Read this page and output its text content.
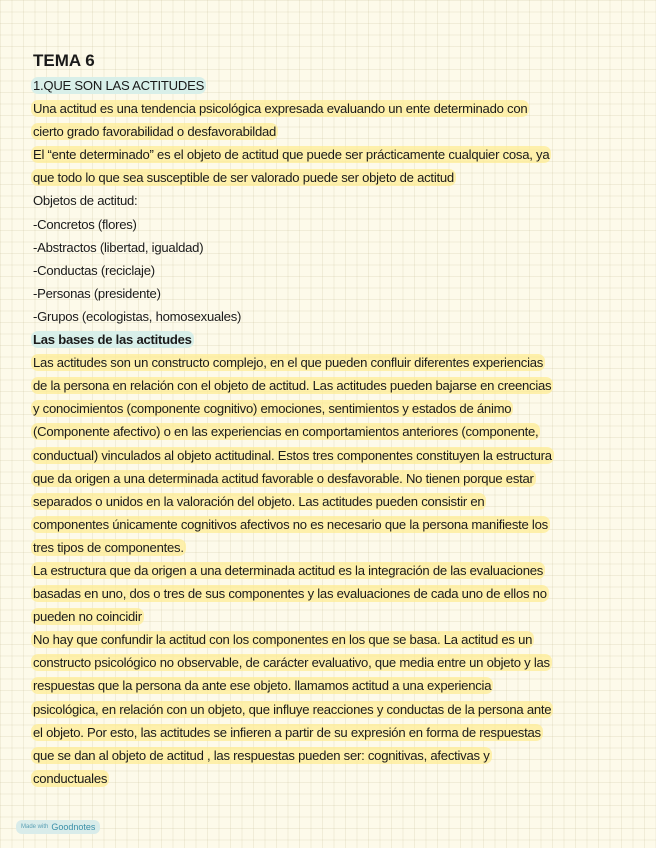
TEMA 6
1.QUE SON LAS ACTITUDES
Una actitud es una tendencia psicológica expresada evaluando un ente determinado con
cierto grado favorabilidad o desfavorabildad
El “ente determinado” es el objeto de actitud que puede ser prácticamente cualquier cosa, ya
que todo lo que sea susceptible de ser valorado puede ser objeto de actitud
Objetos de actitud:
-Concretos (flores)
-Abstractos (libertad, igualdad)
-Conductas (reciclaje)
-Personas (presidente)
-Grupos (ecologistas, homosexuales)
Las bases de las actitudes
Las actitudes son un constructo complejo, en el que pueden confluir diferentes experiencias
de la persona en relación con el objeto de actitud. Las actitudes pueden bajarse en creencias
y conocimientos (componente cognitivo) emociones, sentimientos y estados de ánimo
(Componente afectivo) o en las experiencias en comportamientos anteriores (componente,
conductual) vinculados al objeto actitudinal. Estos tres componentes constituyen la estructura
que da origen a una determinada actitud favorable o desfavorable. No tienen porque estar
separados o unidos en la valoración del objeto. Las actitudes pueden consistir en
componentes únicamente cognitivos afectivos no es necesario que la persona manifieste los
tres tipos de componentes.
La estructura que da origen a una determinada actitud es la integración de las evaluaciones
basadas en uno, dos o tres de sus componentes y las evaluaciones de cada uno de ellos no
pueden no coincidir
No hay que confundir la actitud con los componentes en los que se basa. La actitud es un
constructo psicológico no observable, de carácter evaluativo, que media entre un objeto y las
respuestas que la persona da ante ese objeto. llamamos actitud a una experiencia
psicológica, en relación con un objeto, que influye reacciones y conductas de la persona ante
el objeto. Por esto, las actitudes se infieren a partir de su expresión en forma de respuestas
que se dan al objeto de actitud , las respuestas pueden ser: cognitivas, afectivas y
conductuales
Made with Goodnotes
